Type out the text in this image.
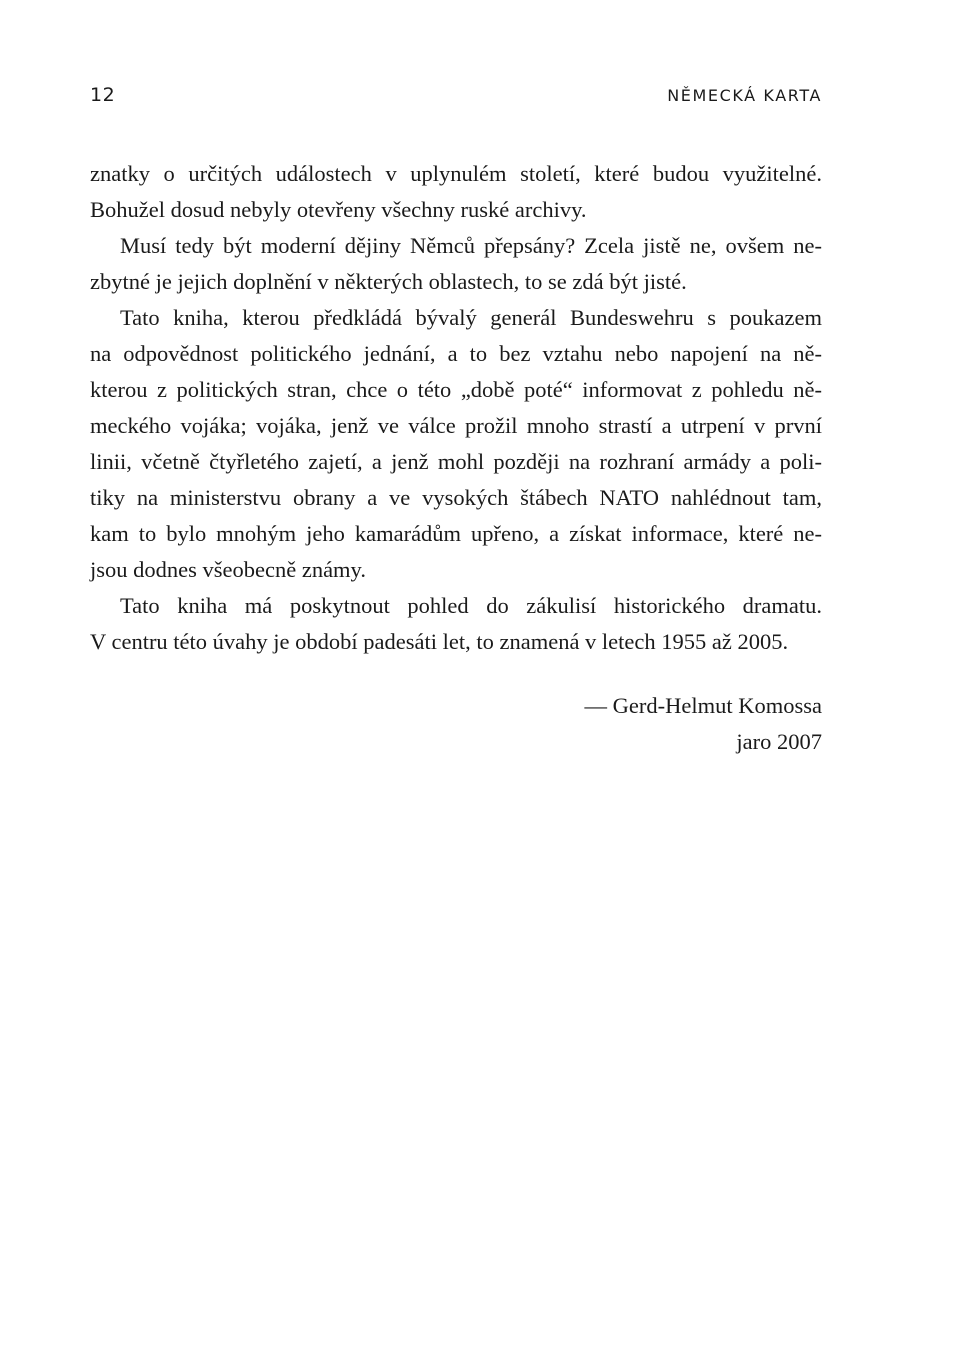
12	NĚMECKÁ KARTA
znatky o určitých událostech v uplynulém století, které budou využitelné.
Bohužel dosud nebyly otevřeny všechny ruské archivy.
Musí tedy být moderní dějiny Němců přepsány? Zcela jistě ne, ovšem ne-
zbytné je jejich doplnění v některých oblastech, to se zdá být jisté.
Tato kniha, kterou předkládá bývalý generál Bundeswehru s poukazem
na odpovědnost politického jednání, a to bez vztahu nebo napojení na ně-
kterou z politických stran, chce o této „době poté“ informovat z pohledu ně-
meckého vojáka; vojáka, jenž ve válce prožil mnoho strastí a utrpení v první
linii, včetně čtyřletého zajetí, a jenž mohl později na rozhraní armády a poli-
tiky na ministerstvu obrany a ve vysokých štábech NATO nahlédnout tam,
kam to bylo mnohým jeho kamarádům upřeno, a získat informace, které ne-
jsou dodnes všeobecně známy.
Tato kniha má poskytnout pohled do zákulisí historického dramatu.
V centru této úvahy je období padesáti let, to znamená v letech 1955 až 2005.
— Gerd-Helmut Komossa
jaro 2007
